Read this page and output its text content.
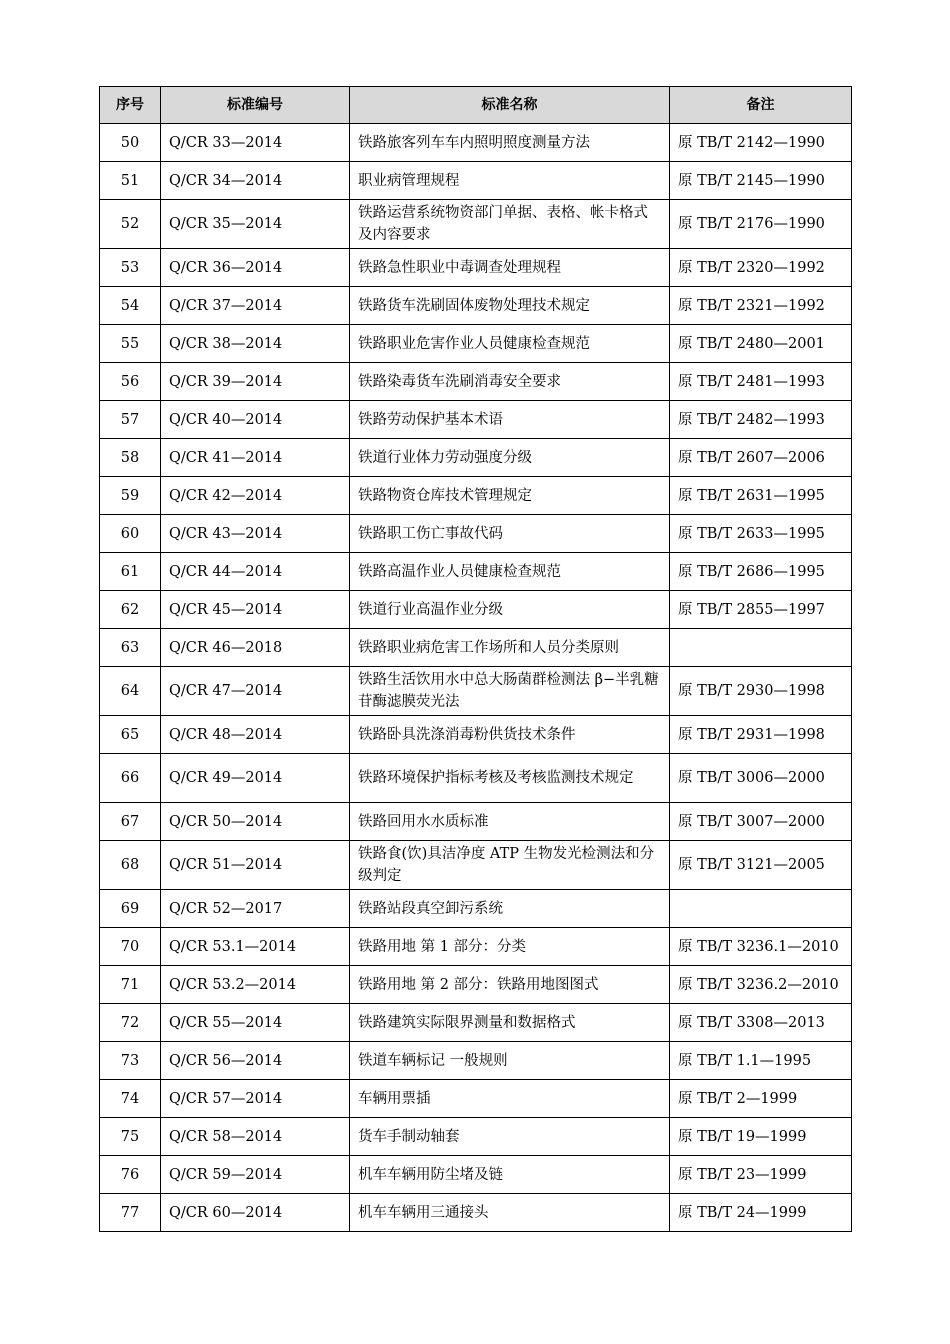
序号	标准编号	标准名称	备注
50	Q/CR 33—2014	铁路旅客列车车内照明照度测量方法	原 TB/T 2142—1990
51	Q/CR 34—2014	职业病管理规程	原 TB/T 2145—1990
52	Q/CR 35—2014	铁路运营系统物资部门单据、表格、帐卡格式及内容要求	原 TB/T 2176—1990
53	Q/CR 36—2014	铁路急性职业中毒调查处理规程	原 TB/T 2320—1992
54	Q/CR 37—2014	铁路货车洗刷固体废物处理技术规定	原 TB/T 2321—1992
55	Q/CR 38—2014	铁路职业危害作业人员健康检查规范	原 TB/T 2480—2001
56	Q/CR 39—2014	铁路染毒货车洗刷消毒安全要求	原 TB/T 2481—1993
57	Q/CR 40—2014	铁路劳动保护基本术语	原 TB/T 2482—1993
58	Q/CR 41—2014	铁道行业体力劳动强度分级	原 TB/T 2607—2006
59	Q/CR 42—2014	铁路物资仓库技术管理规定	原 TB/T 2631—1995
60	Q/CR 43—2014	铁路职工伤亡事故代码	原 TB/T 2633—1995
61	Q/CR 44—2014	铁路高温作业人员健康检查规范	原 TB/T 2686—1995
62	Q/CR 45—2014	铁道行业高温作业分级	原 TB/T 2855—1997
63	Q/CR 46—2018	铁路职业病危害工作场所和人员分类原则	
64	Q/CR 47—2014	铁路生活饮用水中总大肠菌群检测法 β−半乳糖苷酶滤膜荧光法	原 TB/T 2930—1998
65	Q/CR 48—2014	铁路卧具洗涤消毒粉供货技术条件	原 TB/T 2931—1998
66	Q/CR 49—2014	铁路环境保护指标考核及考核监测技术规定	原 TB/T 3006—2000
67	Q/CR 50—2014	铁路回用水水质标准	原 TB/T 3007—2000
68	Q/CR 51—2014	铁路食(饮)具洁净度 ATP 生物发光检测法和分级判定	原 TB/T 3121—2005
69	Q/CR 52—2017	铁路站段真空卸污系统	
70	Q/CR 53.1—2014	铁路用地 第 1 部分：分类	原 TB/T 3236.1—2010
71	Q/CR 53.2—2014	铁路用地 第 2 部分：铁路用地图图式	原 TB/T 3236.2—2010
72	Q/CR 55—2014	铁路建筑实际限界测量和数据格式	原 TB/T 3308—2013
73	Q/CR 56—2014	铁道车辆标记 一般规则	原 TB/T 1.1—1995
74	Q/CR 57—2014	车辆用票插	原 TB/T 2—1999
75	Q/CR 58—2014	货车手制动轴套	原 TB/T 19—1999
76	Q/CR 59—2014	机车车辆用防尘堵及链	原 TB/T 23—1999
77	Q/CR 60—2014	机车车辆用三通接头	原 TB/T 24—1999
